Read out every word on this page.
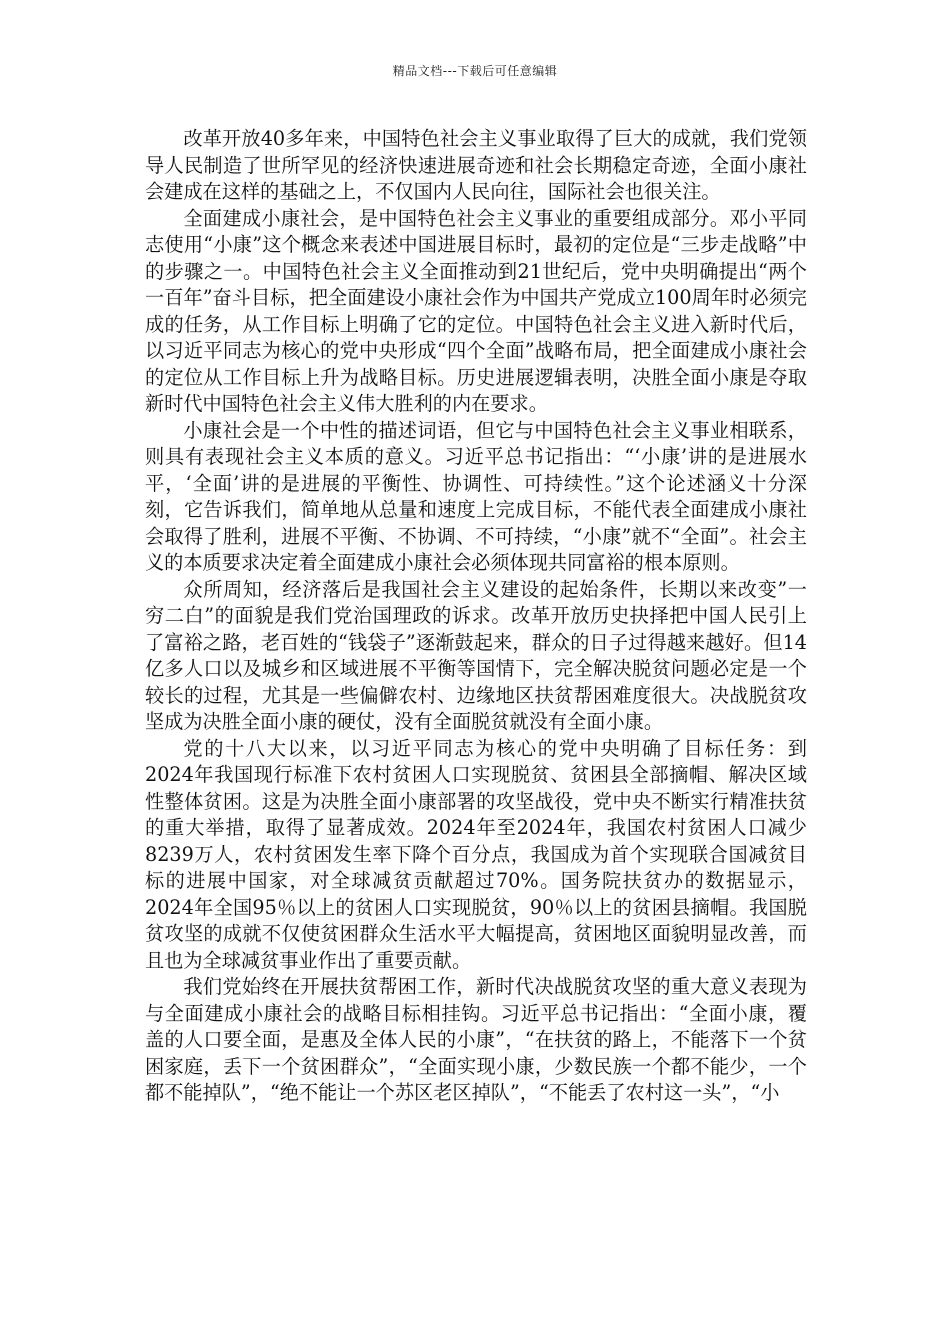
精品文档---下载后可任意编辑

改革开放40多年来，中国特色社会主义事业取得了巨大的成就，我们党领导人民制造了世所罕见的经济快速进展奇迹和社会长期稳定奇迹，全面小康社会建成在这样的基础之上，不仅国内人民向往，国际社会也很关注。

全面建成小康社会，是中国特色社会主义事业的重要组成部分。邓小平同志使用“小康”这个概念来表述中国进展目标时，最初的定位是“三步走战略”中的步骤之一。中国特色社会主义全面推动到21世纪后，党中央明确提出“两个一百年”奋斗目标，把全面建设小康社会作为中国共产党成立100周年时必须完成的任务，从工作目标上明确了它的定位。中国特色社会主义进入新时代后，以习近平同志为核心的党中央形成“四个全面”战略布局，把全面建成小康社会的定位从工作目标上升为战略目标。历史进展逻辑表明，决胜全面小康是夺取新时代中国特色社会主义伟大胜利的内在要求。

小康社会是一个中性的描述词语，但它与中国特色社会主义事业相联系，则具有表现社会主义本质的意义。习近平总书记指出：“‘小康’讲的是进展水平，‘全面’讲的是进展的平衡性、协调性、可持续性。”这个论述涵义十分深刻，它告诉我们，简单地从总量和速度上完成目标，不能代表全面建成小康社会取得了胜利，进展不平衡、不协调、不可持续，“小康”就不“全面”。社会主义的本质要求决定着全面建成小康社会必须体现共同富裕的根本原则。

众所周知，经济落后是我国社会主义建设的起始条件，长期以来改变”一穷二白”的面貌是我们党治国理政的诉求。改革开放历史抉择把中国人民引上了富裕之路，老百姓的“钱袋子”逐渐鼓起来，群众的日子过得越来越好。但14亿多人口以及城乡和区域进展不平衡等国情下，完全解决脱贫问题必定是一个较长的过程，尤其是一些偏僻农村、边缘地区扶贫帮困难度很大。决战脱贫攻坚成为决胜全面小康的硬仗，没有全面脱贫就没有全面小康。

党的十八大以来，以习近平同志为核心的党中央明确了目标任务：到2024年我国现行标准下农村贫困人口实现脱贫、贫困县全部摘帽、解决区域性整体贫困。这是为决胜全面小康部署的攻坚战役，党中央不断实行精准扶贫的重大举措，取得了显著成效。2024年至2024年，我国农村贫困人口减少8239万人，农村贫困发生率下降个百分点，我国成为首个实现联合国减贫目标的进展中国家，对全球减贫贡献超过70%。国务院扶贫办的数据显示，2024年全国95％以上的贫困人口实现脱贫，90％以上的贫困县摘帽。我国脱贫攻坚的成就不仅使贫困群众生活水平大幅提高，贫困地区面貌明显改善，而且也为全球减贫事业作出了重要贡献。

我们党始终在开展扶贫帮困工作，新时代决战脱贫攻坚的重大意义表现为与全面建成小康社会的战略目标相挂钩。习近平总书记指出：“全面小康，覆盖的人口要全面，是惠及全体人民的小康”，“在扶贫的路上，不能落下一个贫困家庭，丢下一个贫困群众”，“全面实现小康，少数民族一个都不能少，一个都不能掉队”，“绝不能让一个苏区老区掉队”，“不能丢了农村这一头”，“小
